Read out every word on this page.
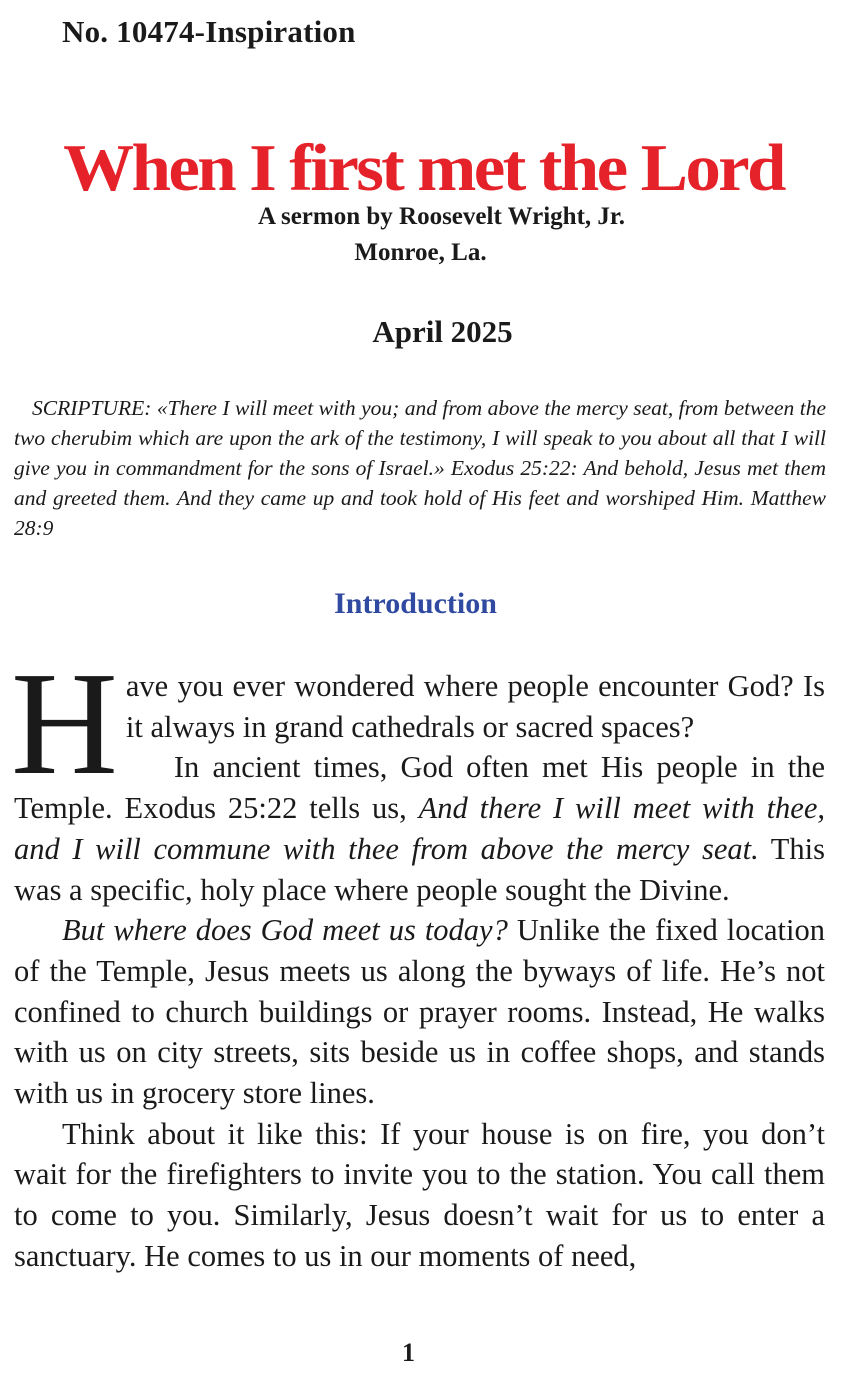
No. 10474-Inspiration
When I first met the Lord
A sermon by Roosevelt Wright, Jr.
Monroe, La.
April 2025

SCRIPTURE: «There I will meet with you; and from above the mercy seat, from between the two cherubim which are upon the ark of the testimony, I will speak to you about all that I will give you in commandment for the sons of Israel.» Exodus 25:22: And behold, Jesus met them and greeted them. And they came up and took hold of His feet and worshiped Him. Matthew 28:9

Introduction

Have you ever wondered where people encounter God? Is it always in grand cathedrals or sacred spaces?

In ancient times, God often met His people in the Temple. Exodus 25:22 tells us, And there I will meet with thee, and I will commune with thee from above the mercy seat. This was a specific, holy place where people sought the Divine.

But where does God meet us today? Unlike the fixed location of the Temple, Jesus meets us along the byways of life. He’s not confined to church buildings or prayer rooms. Instead, He walks with us on city streets, sits beside us in coffee shops, and stands with us in grocery store lines.

Think about it like this: If your house is on fire, you don’t wait for the firefighters to invite you to the station. You call them to come to you. Similarly, Jesus doesn’t wait for us to enter a sanctuary. He comes to us in our moments of need,

1
